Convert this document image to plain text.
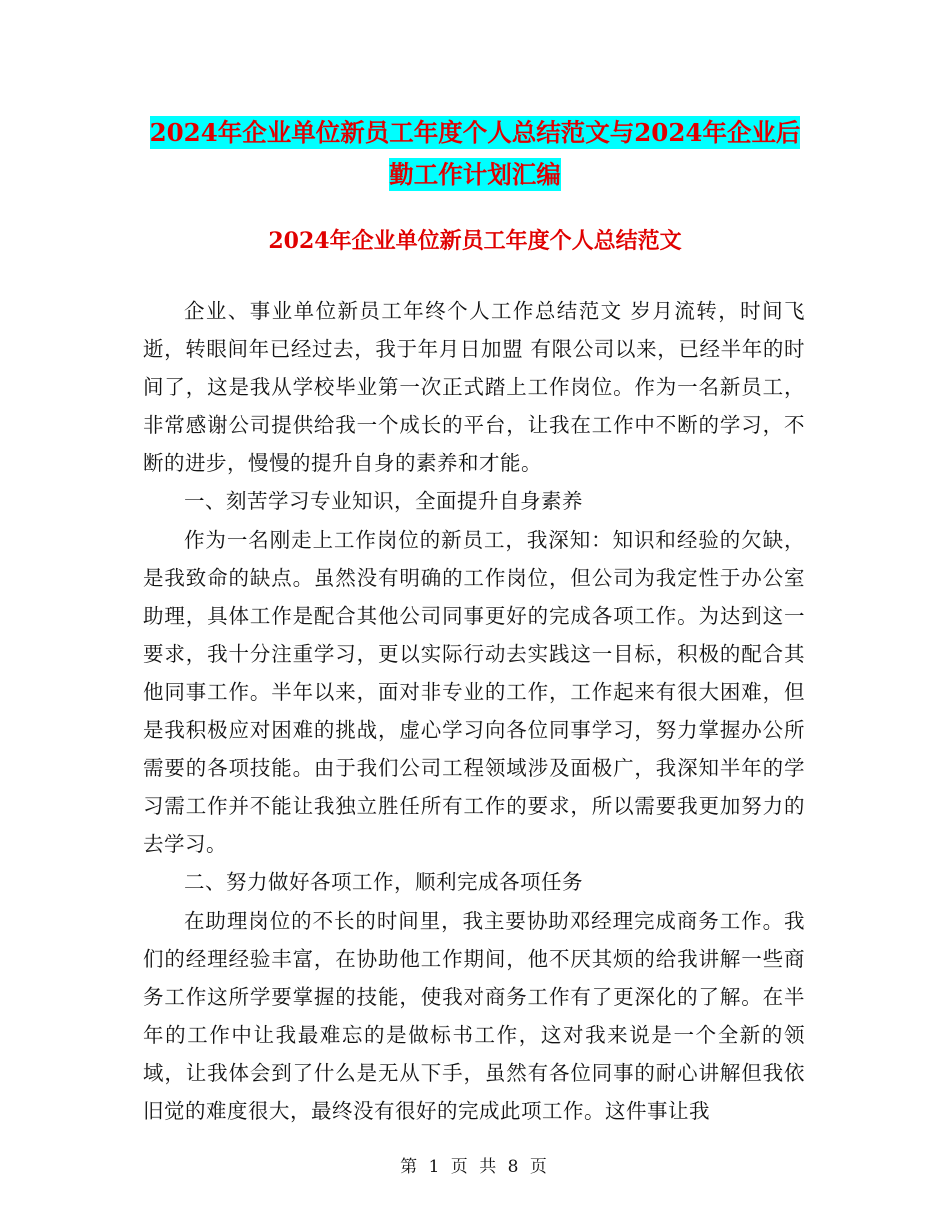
2024年企业单位新员工年度个人总结范文与2024年企业后勤工作计划汇编
2024年企业单位新员工年度个人总结范文

企业、事业单位新员工年终个人工作总结范文 岁月流转，时间飞逝，转眼间年已经过去，我于年月日加盟 有限公司以来，已经半年的时间了，这是我从学校毕业第一次正式踏上工作岗位。作为一名新员工，非常感谢公司提供给我一个成长的平台，让我在工作中不断的学习，不断的进步，慢慢的提升自身的素养和才能。

一、刻苦学习专业知识，全面提升自身素养

作为一名刚走上工作岗位的新员工，我深知：知识和经验的欠缺，是我致命的缺点。虽然没有明确的工作岗位，但公司为我定性于办公室助理，具体工作是配合其他公司同事更好的完成各项工作。为达到这一要求，我十分注重学习，更以实际行动去实践这一目标，积极的配合其他同事工作。半年以来，面对非专业的工作，工作起来有很大困难，但是我积极应对困难的挑战，虚心学习向各位同事学习，努力掌握办公所需要的各项技能。由于我们公司工程领域涉及面极广，我深知半年的学习需工作并不能让我独立胜任所有工作的要求，所以需要我更加努力的去学习。

二、努力做好各项工作，顺利完成各项任务

在助理岗位的不长的时间里，我主要协助邓经理完成商务工作。我们的经理经验丰富，在协助他工作期间，他不厌其烦的给我讲解一些商务工作这所学要掌握的技能，使我对商务工作有了更深化的了解。在半年的工作中让我最难忘的是做标书工作，这对我来说是一个全新的领域，让我体会到了什么是无从下手，虽然有各位同事的耐心讲解但我依旧觉的难度很大，最终没有很好的完成此项工作。这件事让我

第 1 页 共 8 页
